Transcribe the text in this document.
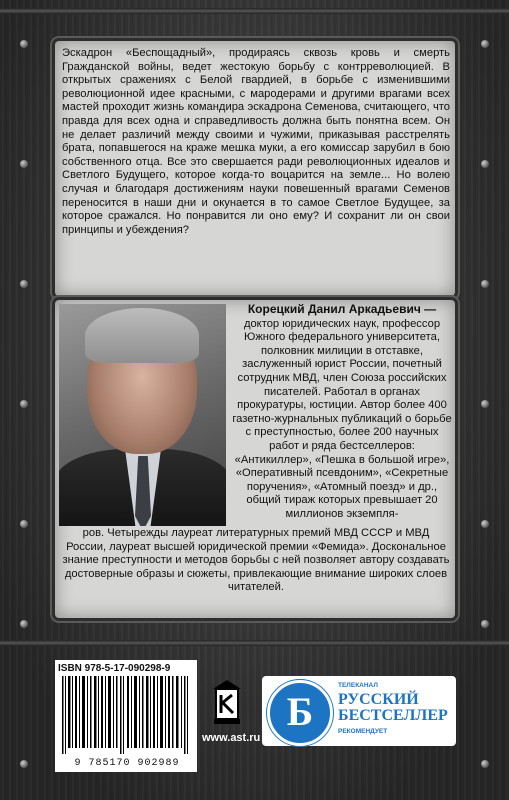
Эскадрон «Беспощадный», продираясь сквозь кровь и смерть Гражданской войны, ведет жестокую борьбу с контрреволюцией. В открытых сражениях с Белой гвардией, в борьбе с изменившими революционной идее красными, с мародерами и другими врагами всех мастей проходит жизнь командира эскадрона Семенова, считающего, что правда для всех одна и справедливость должна быть понятна всем. Он не делает различий между своими и чужими, приказывая расстрелять брата, попавшегося на краже мешка муки, а его комиссар зарубил в бою собственного отца. Все это свершается ради революционных идеалов и Светлого Будущего, которое когда-то воцарится на земле... Но волею случая и благодаря достижениям науки повешенный врагами Семенов переносится в наши дни и окунается в то самое Светлое Будущее, за которое сражался. Но понравится ли оно ему? И сохранит ли он свои принципы и убеждения?

Корецкий Данил Аркадьевич — доктор юридических наук, профессор Южного федерального университета, полковник милиции в отставке, заслуженный юрист России, почетный сотрудник МВД, член Союза российских писателей. Работал в органах прокуратуры, юстиции. Автор более 400 газетно-журнальных публикаций о борьбе с преступностью, более 200 научных работ и ряда бестселлеров: «Антикиллер», «Пешка в большой игре», «Оперативный псевдоним», «Секретные поручения», «Атомный поезд» и др., общий тираж которых превышает 20 миллионов экземпля-

ров. Четырежды лауреат литературных премий МВД СССР и МВД России, лауреат высшей юридической премии «Фемида». Доскональное знание преступности и методов борьбы с ней позволяет автору создавать достоверные образы и сюжеты, привлекающие внимание широких слоев читателей.

ISBN 978-5-17-090298-9
9 785170 902989
www.ast.ru
Б
ТЕЛЕКАНАЛ
РУССКИЙ
БЕСТСЕЛЛЕР
РЕКОМЕНДУЕТ
